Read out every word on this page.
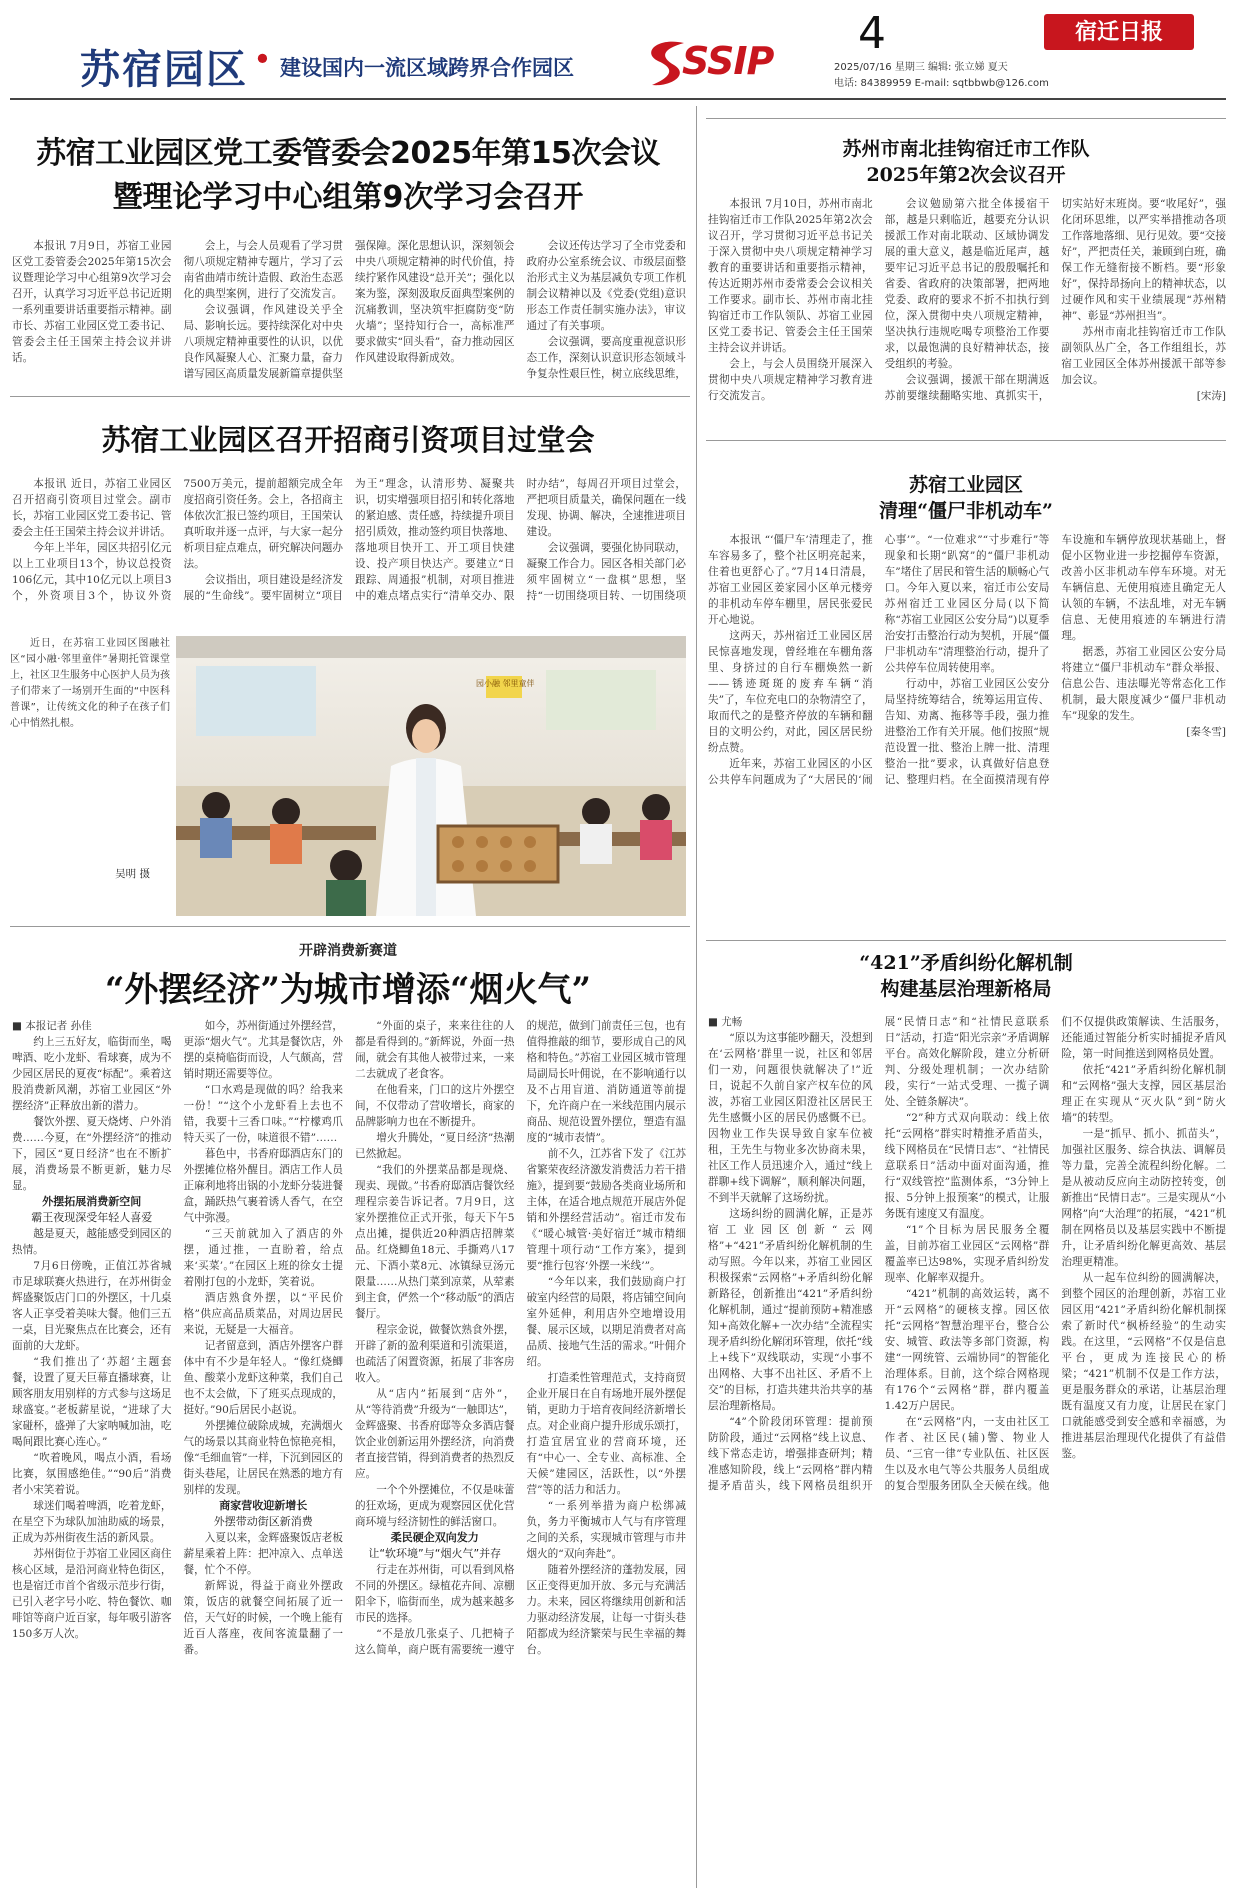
苏宿园区 • 建设国内一流区域跨界合作园区	SSIP
4	宿迁日报
2025/07/16 星期三 编辑: 张立娣 夏天
电话: 84389959 E-mail: sqtbbwb@126.com
苏宿工业园区党工委管委会2025年第15次会议
暨理论学习中心组第9次学习会召开

本报讯 7月9日，苏宿工业园区党工委管委会2025年第15次会议暨理论学习中心组第9次学习会召开，认真学习习近平总书记近期一系列重要讲话重要指示精神。副市长、苏宿工业园区党工委书记、管委会主任王国荣主持会议并讲话。

会上，与会人员观看了学习贯彻八项规定精神专题片，学习了云南省曲靖市统计造假、政治生态恶化的典型案例，进行了交流发言。

会议强调，作风建设关乎全局、影响长远。要持续深化对中央八项规定精神重要性的认识，以优良作风凝聚人心、汇聚力量，奋力谱写园区高质量发展新篇章提供坚强保障。深化思想认识，深刻领会中央八项规定精神的时代价值，持续拧紧作风建设“总开关”；强化以案为鉴，深刻汲取反面典型案例的沉痛教训，坚决筑牢拒腐防变“防火墙”；坚持知行合一，高标准严要求做实“回头看”，奋力推动园区作风建设取得新成效。

会议还传达学习了全市党委和政府办公室系统会议、市级层面整治形式主义为基层减负专项工作机制会议精神以及《党委(党组)意识形态工作责任制实施办法》，审议通过了有关事项。

会议强调，要高度重视意识形态工作，深刻认识意识形态领域斗争复杂性艰巨性，树立底线思维，

苏宿工业园区召开招商引资项目过堂会

本报讯 近日，苏宿工业园区召开招商引资项目过堂会。副市长，苏宿工业园区党工委书记、管委会主任王国荣主持会议并讲话。

今年上半年，园区共招引亿元以上工业项目13个，协议总投资106亿元，其中10亿元以上项目3个，外资项目3个，协议外资7500万美元，提前超额完成全年度招商引资任务。会上，各招商主体依次汇报已签约项目，王国荣认真听取并逐一点评，与大家一起分析项目症点难点，研究解决问题办法。

会议指出，项目建设是经济发展的“生命线”。要牢固树立“项目为王”理念，认清形势、凝聚共识，切实增强项目招引和转化落地的紧迫感、责任感，持续提升项目招引质效，推动签约项目快落地、落地项目快开工、开工项目快建设、投产项目快达产。要建立“日跟踪、周通报”机制，对项目推进中的难点堵点实行“清单交办、限时办结”，每周召开项目过堂会，严把项目质量关，确保问题在一线发现、协调、解决，全速推进项目建设。

会议强调，要强化协同联动，凝聚工作合力。园区各相关部门必须牢固树立“一盘棋”思想，坚持“一切围绕项目转、一切围绕项

近日，在苏宿工业园区图融社区“园小融·邻里童伴”暑期托管课堂上，社区卫生服务中心医护人员为孩子们带来了一场别开生面的“中医科普课”，让传统文化的种子在孩子们心中悄然扎根。
吴明 摄
园小融 邻里童伴
开辟消费新赛道
“外摆经济”为城市增添“烟火气”
■ 本报记者 孙佳

约上三五好友，临街而坐，喝啤酒、吃小龙虾、看球赛，成为不少园区居民的夏夜“标配”。乘着这股消费新风潮，苏宿工业园区“外摆经济”正释放出新的潜力。

餐饮外摆、夏天烧烤、户外消费……今夏，在“外摆经济”的推动下，园区“夏日经济”也在不断扩展，消费场景不断更新，魅力尽显。

外摆拓展消费新空间

霸王夜现深受年轻人喜爱

越是夏天，越能感受到园区的热情。

7月6日傍晚，正值江苏省城市足球联赛火热进行，在苏州街金辉盛聚饭店门口的外摆区，十几桌客人正享受着美味大餐。他们三五一桌，目光聚焦点在比赛会，还有面前的大龙虾。

“我们推出了‘苏超’主题套餐，设置了夏天巨幕直播球赛，让顾客朋友用别样的方式参与这场足球盛宴。”老板薪星说，“进球了大家碰杯，盛弹了大家呐喊加油，吃喝间跟比赛心连心。”

“吹着晚风，喝点小酒，看场比赛，氛围感绝佳。”“90后”消费者小宋笑着说。

球迷们喝着啤酒，吃着龙虾，在星空下为球队加油助威的场景，正成为苏州街夜生活的新风景。

苏州街位于苏宿工业园区商住核心区域，是沿河商业特色街区，也是宿迁市首个省级示范步行街，已引入老字号小吃、特色餐饮、咖啡馆等商户近百家，每年吸引游客150多万人次。

如今，苏州街通过外摆经营，更添“烟火气”。尤其是餐饮店，外摆的桌椅临街而设，人气颇高，营销时期还需要等位。

“口水鸡是现做的吗？给我来一份！”“这个小龙虾看上去也不错，我要十三香口味。”“柠檬鸡爪特天买了一份，味道很不错”……

暮色中，书香府邸酒店东门的外摆摊位格外醒目。酒店工作人员正麻利地将出锅的小龙虾分装进餐盒，踊跃热气裹着诱人香气，在空气中弥漫。

“三天前就加入了酒店的外摆，通过推，一直盼着，给点来‘买菜’。”在园区上班的徐女士提着刚打包的小龙虾，笑着说。

酒店熟食外摆，以“平民价格”供应高品质菜品，对周边居民来说，无疑是一大福音。

记者留意到，酒店外摆客户群体中有不少是年轻人。“像红烧鲫鱼、酸菜小龙虾这种菜，我们自己也不太会做，下了班买点现成的，挺好。”90后居民小赵说。

外摆摊位破除成城，充满烟火气的场景以其商业特色惊艳亮相，像“毛细血管”一样，下沉到园区的街头巷尾，让居民在熟悉的地方有别样的发现。

商家营收迎新增长

外摆带动街区新消费

入夏以来，金辉盛聚饭店老板薪星乘着上阵：把冲凉入、点单送餐，忙个不停。

新辉说，得益于商业外摆政策，饭店的就餐空间拓展了近一倍，天气好的时候，一个晚上能有近百人落座，夜间客流量翻了一番。

“外面的桌子，来来往往的人都是看得到的。”新辉说，外面一热闹，就会有其他人被带过来，一来二去就成了老食客。

在他看来，门口的这片外摆空间，不仅带动了营收增长，商家的品牌影响力也在不断提升。

增火升腾处，“夏日经济”热潮已然掀起。

“我们的外摆菜品都是现烧、现卖、现做。”书香府邸酒店餐饮经理程宗姜告诉记者。7月9日，这家外摆推位正式开张，每天下午5点出摊，提供近20种酒店招牌菜品。红烧鲫鱼18元、手撕鸡八17元、下酒小菜8元、冰镇绿豆汤元限量……从热门菜到凉菜，从荤素到主食，俨然一个“移动版”的酒店餐厅。

程宗金说，做餐饮熟食外摆，开辟了新的盈利渠道和引流渠道，也疏活了闲置资源，拓展了非客房收入。

从“店内”拓展到“店外”，从“等待消费”升级为“一触即达”，金辉盛聚、书香府邸等众多酒店餐饮企业创新运用外摆经济，向消费者直接营销，得到消费者的热烈反应。

一个个外摆摊位，不仅是味蕾的狂欢场，更成为观察园区优化营商环境与经济韧性的鲜活窗口。

柔民硬企双向发力

让“软环境”与“烟火气”并存

行走在苏州街，可以看到风格不同的外摆区。绿植花卉间、凉棚阳伞下，临街而坐，成为越来越多市民的选择。

“不是放几张桌子、几把椅子这么简单，商户既有需要统一遵守的规范，做到门前责任三包，也有值得推敲的细节，要形成自己的风格和特色。”苏宿工业园区城市管理局副局长叶佣说，在不影响通行以及不占用盲道、消防通道等前提下，允许商户在一米线范围内展示商品、规范设置外摆位，塑造有温度的“城市表情”。

前不久，江苏省下发了《江苏省繁荣夜经济激发消费活力若干措施》，提到要“鼓励各类商业场所和主体，在适合地点规范开展店外促销和外摆经营活动”。宿迁市发布《“暖心城管·美好宿迁”城市精细管理十项行动“工作方案》，提到要“推行包容‘外摆一米线’”。

“今年以来，我们鼓励商户打破室内经营的局限，将店铺空间向室外延伸，利用店外空地增设用餐、展示区域，以期足消费者对高品质、接地气生活的需求。”叶佣介绍。

打造柔性管理范式，支持商贸企业开展日在自有场地开展外摆促销，更助力于培育夜间经济新增长点。对企业商户提升形成乐颂打，打造宜居宜业的营商环境，还有“中心一、全专业、高标准、全天候”建园区，活跃性，以“外摆营”等的活力和活力。

“一系列举措为商户松绑减负，务力平衡城市人气与有序管理之间的关系，实现城市管理与市井烟火的“双向奔赴”。

随着外摆经济的蓬勃发展，园区正变得更加开放、多元与充满活力。未来，园区将继续用创新和活力驱动经济发展，让每一寸街头巷陌都成为经济繁荣与民生幸福的舞台。

苏州市南北挂钩宿迁市工作队
2025年第2次会议召开

本报讯 7月10日，苏州市南北挂钩宿迁市工作队2025年第2次会议召开，学习贯彻习近平总书记关于深入贯彻中央八项规定精神学习教育的重要讲话和重要指示精神，传达近期苏州市委常委会会议相关工作要求。副市长、苏州市南北挂钩宿迁市工作队领队、苏宿工业园区党工委书记、管委会主任王国荣主持会议并讲话。

会上，与会人员围绕开展深入贯彻中央八项规定精神学习教育进行交流发言。

会议勉励第六批全体援宿干部，越是只剩临近，越要充分认识援派工作对南北联动、区域协调发展的重大意义，越是临近尾声，越要牢记习近平总书记的殷殷嘱托和省委、省政府的决策部署，把两地党委、政府的要求不折不扣执行到位，深入贯彻中央八项规定精神，坚决执行违规吃喝专项整治工作要求，以最饱满的良好精神状态，接受组织的考验。

会议强调，援派干部在期满返苏前要继续翻略实地、真抓实干，切实站好末班岗。要“收尾好”，强化闭环思维，以严实举措推动各项工作落地落细、见行见效。要“交接好”，严把责任关，兼顾到白班，确保工作无缝衔接不断档。要“形象好”，保持昂扬向上的精神状态，以过硬作风和实干业绩展现“苏州精神”、彰显“苏州担当”。

苏州市南北挂钩宿迁市工作队副领队丛广全，各工作组组长，苏宿工业园区全体苏州援派干部等参加会议。

[宋涛]
苏宿工业园区
清理“僵尸非机动车”

本报讯 “‘僵尸车’清理走了，推车容易多了，整个社区明亮起来，住着也更舒心了。”7月14日清晨，苏宿工业园区姜家园小区单元楼旁的非机动车停车棚里，居民张爱民开心地说。

这两天，苏州宿迁工业园区居民惊喜地发现，曾经堆在车棚角落里、身挤过的自行车棚焕然一新——锈迹斑斑的废弃车辆“消失”了，车位充电口的杂物清空了，取而代之的是整齐停放的车辆和翻目的文明公约，对此，园区居民纷纷点赞。

近年来，苏宿工业园区的小区公共停车问题成为了“大居民的‘闹心事’”。“一位难求”“寸步难行”等现象和长期“趴窝”的“僵尸非机动车”堵住了居民和管生活的顺畅心气口。今年入夏以来，宿迁市公安局苏州宿迁工业园区分局(以下简称“苏宿工业园区公安分局”)以夏季治安打击整治行动为契机，开展“僵尸非机动车”清理整治行动，提升了公共停车位周转使用率。

行动中，苏宿工业园区公安分局坚持统筹结合，统筹运用宣传、告知、劝离、拖移等手段，强力推进整治工作有关开展。他们按照“规范设置一批、整治上牌一批、清理整治一批”要求，认真做好信息登记、整理归档。在全面摸清现有停车设施和车辆停放现状基础上，督促小区物业进一步挖掘停车资源，改善小区非机动车停车环境。对无车辆信息、无使用痕迹且确定无人认领的车辆，不法乱堆，对无车辆信息、无使用痕迹的车辆进行清理。

据悉，苏宿工业园区公安分局将建立“僵尸非机动车”群众举报、信息公告、违法曝光等常态化工作机制，最大限度减少“僵尸非机动车”现象的发生。

[秦冬雪]
“421”矛盾纠纷化解机制
构建基层治理新格局
■ 尤畅

“原以为这事能吵翻天，没想到在‘云网格’群里一说，社区和邻居们一劝，问题很快就解决了!”近日，说起不久前自家产权车位的风波，苏宿工业园区阳澄社区居民王先生感慨小区的居民仍感慨不已。因物业工作失误导致自家车位被租，王先生与物业多次协商未果，社区工作人员迅速介入，通过“线上群聊+线下调解”，顺利解决问题，不到半天就解了这场纷扰。

这场纠纷的圆满化解，正是苏宿工业园区创新“云网格”+“421”矛盾纠纷化解机制的生动写照。今年以来，苏宿工业园区积极探索“云网格”+矛盾纠纷化解新路径，创新推出“421”矛盾纠纷化解机制，通过“提前预防+精准感知+高效化解+一次办结”全流程实现矛盾纠纷化解闭环管理，依托“线上+线下”双线联动，实现“小事不出网格、大事不出社区、矛盾不上交”的目标，打造共建共治共享的基层治理新格局。

“4”个阶段闭环管理：提前预防阶段，通过“云网格”线上议息、线下常态走访，增强排查研判；精准感知阶段，线上“云网格”群内精提矛盾苗头，线下网格员组织开展“民情日志”和“社情民意联系日”活动，打造“阳光宗亲”矛盾调解平台。高效化解阶段，建立分析研判、分级处理机制；一次办结阶段，实行“一站式受理、一揽子调处、全链条解决”。

“2”种方式双向联动：线上依托“云网格”群实时精推矛盾苗头，线下网格员在“民情日志”、“社情民意联系日”活动中面对面沟通，推行“双线管控”监测体系，“3分钟上报、5分钟上报预案”的模式，让服务既有速度又有温度。

“1”个目标为居民服务全覆盖，目前苏宿工业园区“云网格”群覆盖率已达98%，实现矛盾纠纷发现率、化解率双提升。

“421”机制的高效运转，离不开“云网格”的硬核支撑。园区依托“云网格”智慧治理平台，整合公安、城管、政法等多部门资源，构建“一网统管、云端协同”的智能化治理体系。目前，这个综合网格现有176个“云网格”群，群内覆盖1.42万户居民。

在“云网格”内，一支由社区工作者、社区民(辅)警、物业人员、“三官一律”专业队伍、社区医生以及水电气等公共服务人员组成的复合型服务团队全天候在线。他们不仅提供政策解读、生活服务，还能通过智能分析实时捕捉矛盾风险，第一时间推送到网格员处置。

依托“421”矛盾纠纷化解机制和“云网格”强大支撑，园区基层治理正在实现从“灭火队”到“防火墙”的转型。

一是“抓早、抓小、抓苗头”，加强社区服务、综合执法、调解员等力量，完善全流程纠纷化解。二是从被动反应向主动防控转变，创新推出“民情日志”。三是实现从“小网格”向“大治理”的拓展，“421”机制在网格员以及基层实践中不断提升，让矛盾纠纷化解更高效、基层治理更精准。

从一起车位纠纷的圆满解决，到整个园区的治理创新，苏宿工业园区用“421”矛盾纠纷化解机制探索了新时代“枫桥经验”的生动实践。在这里，“云网格”不仅是信息平台，更成为连接民心的桥梁；“421”机制不仅是工作方法，更是服务群众的承诺，让基层治理既有温度又有力度，让居民在家门口就能感受到安全感和幸福感，为推进基层治理现代化提供了有益借鉴。
